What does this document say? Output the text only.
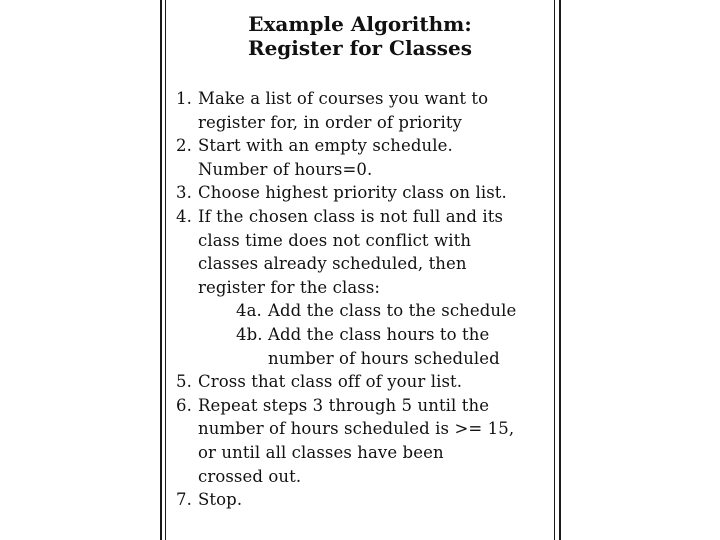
Example Algorithm:
Register for Classes
1. Make a list of courses you want to
register for, in order of priority
2. Start with an empty schedule.
Number of hours=0.
3. Choose highest priority class on list.
4. If the chosen class is not full and its
class time does not conflict with
classes already scheduled, then
register for the class:
4a. Add the class to the schedule
4b. Add the class hours to the
number of hours scheduled
5. Cross that class off of your list.
6. Repeat steps 3 through 5 until the
number of hours scheduled is >= 15,
or until all classes have been
crossed out.
7. Stop.
